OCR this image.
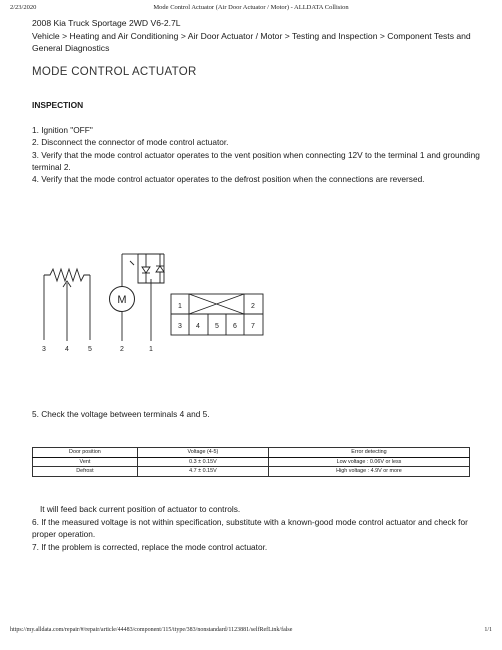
2/23/2020	Mode Control Actuator (Air Door Actuator / Motor) - ALLDATA Collision
2008 Kia Truck Sportage 2WD V6-2.7L
Vehicle > Heating and Air Conditioning > Air Door Actuator / Motor > Testing and Inspection > Component Tests and General Diagnostics
MODE CONTROL ACTUATOR
INSPECTION
1. Ignition "OFF"
2. Disconnect the connector of mode control actuator.
3. Verify that the mode control actuator operates to the vent position when connecting 12V to the terminal 1 and grounding terminal 2.
4. Verify that the mode control actuator operates to the defrost position when the connections are reversed.
M
3	4	5	2	1
1	2
3 4 5 6 7
5. Check the voltage between terminals 4 and 5.
Door position	Voltage (4-5)	Error detecting
Vent	0.3 ± 0.15V	Low voltage : 0.06V or less
Defrost	4.7 ± 0.15V	High voltage : 4.9V or more
It will feed back current position of actuator to controls.
6. If the measured voltage is not within specification, substitute with a known-good mode control actuator and check for proper operation.
7. If the problem is corrected, replace the mode control actuator.
https://my.alldata.com/repair/#/repair/article/44483/component/115/itype/383/nonstandard/1123881/selfRefLink/false	1/1
